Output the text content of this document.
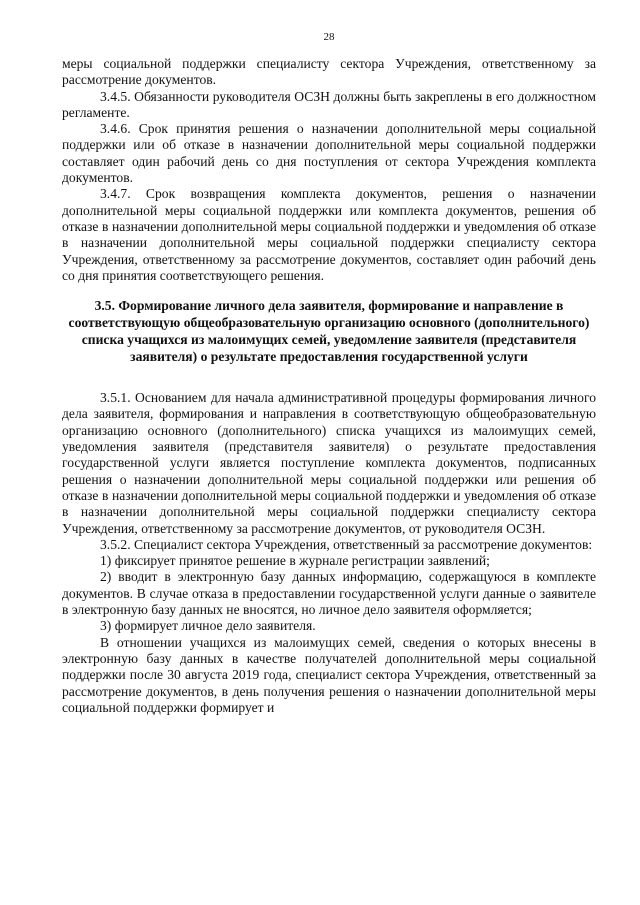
28

меры социальной поддержки специалисту сектора Учреждения, ответственному за рассмотрение документов.

3.4.5. Обязанности руководителя ОСЗН должны быть закреплены в его должностном регламенте.

3.4.6. Срок принятия решения о назначении дополнительной меры социальной поддержки или об отказе в назначении дополнительной меры социальной поддержки составляет один рабочий день со дня поступления от сектора Учреждения комплекта документов.

3.4.7. Срок возвращения комплекта документов, решения о назначении дополнительной меры социальной поддержки или комплекта документов, решения об отказе в назначении дополнительной меры социальной поддержки и уведомления об отказе в назначении дополнительной меры социальной поддержки специалисту сектора Учреждения, ответственному за рассмотрение документов, составляет один рабочий день со дня принятия соответствующего решения.

3.5. Формирование личного дела заявителя, формирование и направление в соответствующую общеобразовательную организацию основного (дополнительного) списка учащихся из малоимущих семей, уведомление заявителя (представителя заявителя) о результате предоставления государственной услуги

3.5.1. Основанием для начала административной процедуры формирования личного дела заявителя, формирования и направления в соответствующую общеобразовательную организацию основного (дополнительного) списка учащихся из малоимущих семей, уведомления заявителя (представителя заявителя) о результате предоставления государственной услуги является поступление комплекта документов, подписанных решения о назначении дополнительной меры социальной поддержки или решения об отказе в назначении дополнительной меры социальной поддержки и уведомления об отказе в назначении дополнительной меры социальной поддержки специалисту сектора Учреждения, ответственному за рассмотрение документов, от руководителя ОСЗН.

3.5.2. Специалист сектора Учреждения, ответственный за рассмотрение документов:

1) фиксирует принятое решение в журнале регистрации заявлений;

2) вводит в электронную базу данных информацию, содержащуюся в комплекте документов. В случае отказа в предоставлении государственной услуги данные о заявителе в электронную базу данных не вносятся, но личное дело заявителя оформляется;

3) формирует личное дело заявителя.

В отношении учащихся из малоимущих семей, сведения о которых внесены в электронную базу данных в качестве получателей дополнительной меры социальной поддержки после 30 августа 2019 года, специалист сектора Учреждения, ответственный за рассмотрение документов, в день получения решения о назначении дополнительной меры социальной поддержки формирует и
